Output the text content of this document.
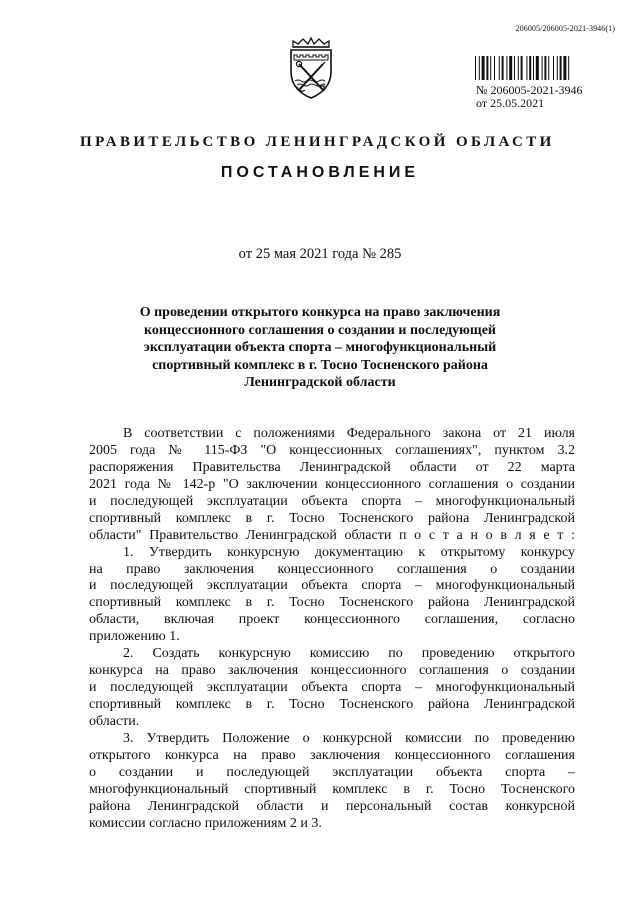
206005/206005-2021-3946(1)
№ 206005-2021-3946
от 25.05.2021
ПРАВИТЕЛЬСТВО ЛЕНИНГРАДСКОЙ ОБЛАСТИ
ПОСТАНОВЛЕНИЕ
от 25 мая 2021 года № 285
О проведении открытого конкурса на право заключения
концессионного соглашения о создании и последующей
эксплуатации объекта спорта – многофункциональный
спортивный комплекс в г. Тосно Тосненского района
Ленинградской области
В соответствии с положениями Федерального закона от 21 июля
2005 года № 115-ФЗ "О концессионных соглашениях", пунктом 3.2
распоряжения Правительства Ленинградской области от 22 марта
2021 года № 142-р "О заключении концессионного соглашения о создании
и последующей эксплуатации объекта спорта – многофункциональный
спортивный комплекс в г. Тосно Тосненского района Ленинградской
области" Правительство Ленинградской области п о с т а н о в л я е т :
1. Утвердить конкурсную документацию к открытому конкурсу
на право заключения концессионного соглашения о создании
и последующей эксплуатации объекта спорта – многофункциональный
спортивный комплекс в г. Тосно Тосненского района Ленинградской
области, включая проект концессионного соглашения, согласно
приложению 1.
2. Создать конкурсную комиссию по проведению открытого
конкурса на право заключения концессионного соглашения о создании
и последующей эксплуатации объекта спорта – многофункциональный
спортивный комплекс в г. Тосно Тосненского района Ленинградской
области.
3. Утвердить Положение о конкурсной комиссии по проведению
открытого конкурса на право заключения концессионного соглашения
о создании и последующей эксплуатации объекта спорта –
многофункциональный спортивный комплекс в г. Тосно Тосненского
района Ленинградской области и персональный состав конкурсной
комиссии согласно приложениям 2 и 3.
